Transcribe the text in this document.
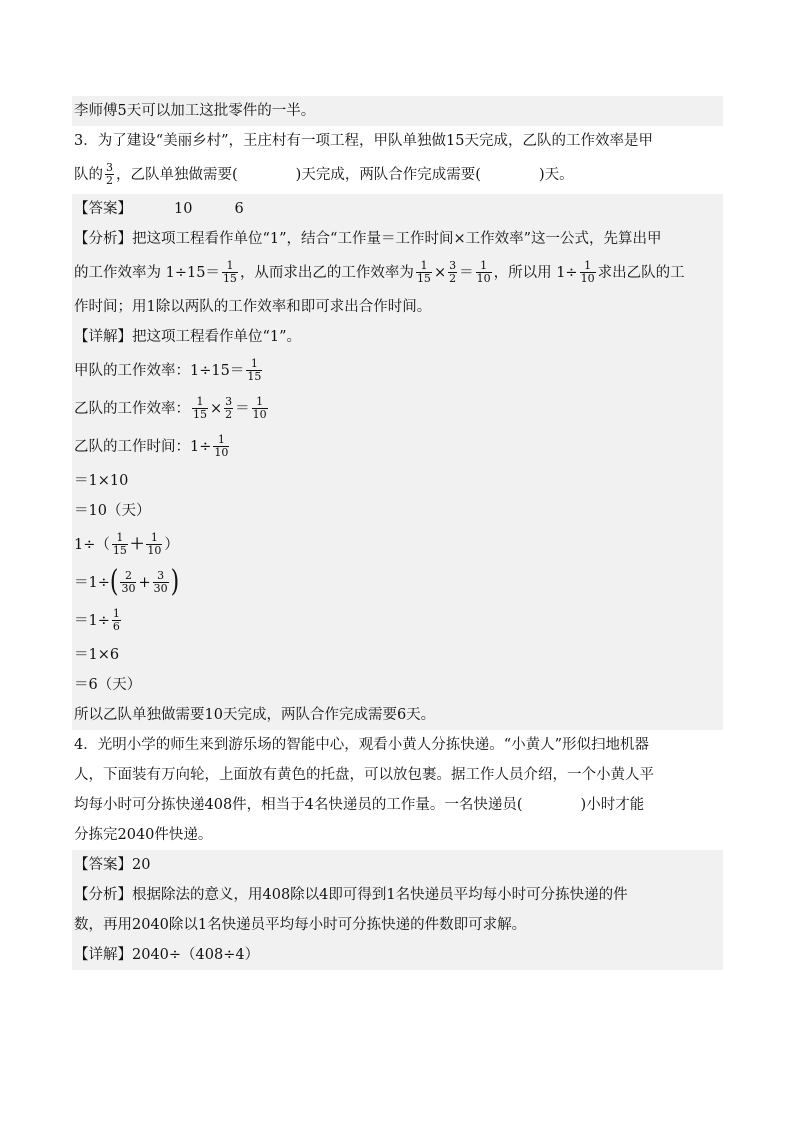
李师傅5天可以加工这批零件的一半。
3．为了建设“美丽乡村”，王庄村有一项工程，甲队单独做15天完成，乙队的工作效率是甲
队的 $\frac{3}{2}$ ，乙队单独做需要(　　　　)天完成，两队合作完成需要(　　　　)天。
【答案】	10	6
【分析】把这项工程看作单位“1”，结合“工作量＝工作时间×工作效率”这一公式，先算出甲
的工作效率为 $1\div 15= \frac{1}{15}$ ，从而求出乙的工作效率为 $\frac{1}{15} \times \frac{3}{2} = \frac{1}{10}$ ，所以用 $1\div \frac{1}{10}$ 求出乙队的工
作时间；用1除以两队的工作效率和即可求出合作时间。
【详解】把这项工程看作单位“1”。
甲队的工作效率：$1\div 15= \frac{1}{15}$
乙队的工作效率： $\frac{1}{15} \times \frac{3}{2} = \frac{1}{10}$
乙队的工作时间：$1\div \frac{1}{10}$
＝1×10
＝10（天）
$1\div( \frac{1}{15} + \frac{1}{10}$ ）
$=1\div( \frac{2}{30} + \frac{3}{30}$ )
$=1\div \frac{1}{6}$
＝1×6
＝6（天）
所以乙队单独做需要10天完成，两队合作完成需要6天。
4．光明小学的师生来到游乐场的智能中心，观看小黄人分拣快递。“小黄人”形似扫地机器
人，下面装有万向轮，上面放有黄色的托盘，可以放包裹。据工作人员介绍，一个小黄人平
均每小时可分拣快递408件，相当于4名快递员的工作量。一名快递员(　　　　)小时才能
分拣完2040件快递。
【答案】20
【分析】根据除法的意义，用408除以4即可得到1名快递员平均每小时可分拣快递的件
数，再用2040除以1名快递员平均每小时可分拣快递的件数即可求解。
【详解】2040÷（408÷4）
